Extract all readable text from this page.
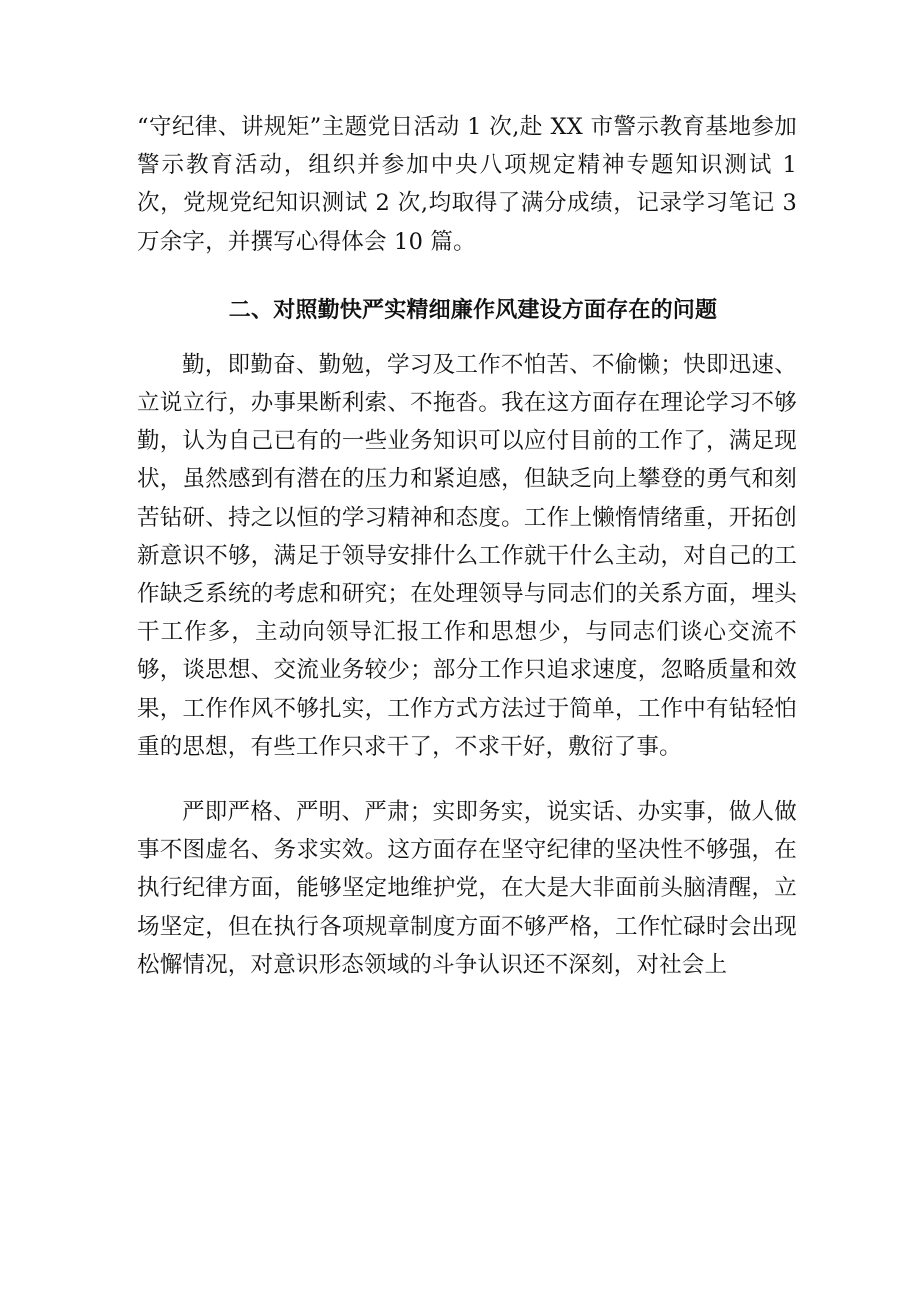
“守纪律、讲规矩”主题党日活动 1 次,赴 XX 市警示教育基地参加警示教育活动，组织并参加中央八项规定精神专题知识测试 1 次，党规党纪知识测试 2 次,均取得了满分成绩，记录学习笔记 3 万余字，并撰写心得体会 10 篇。

二、对照勤快严实精细廉作风建设方面存在的问题

勤，即勤奋、勤勉，学习及工作不怕苦、不偷懒；快即迅速、立说立行，办事果断利索、不拖沓。我在这方面存在理论学习不够勤，认为自己已有的一些业务知识可以应付目前的工作了，满足现状，虽然感到有潜在的压力和紧迫感，但缺乏向上攀登的勇气和刻苦钻研、持之以恒的学习精神和态度。工作上懒惰情绪重，开拓创新意识不够，满足于领导安排什么工作就干什么主动，对自己的工作缺乏系统的考虑和研究；在处理领导与同志们的关系方面，埋头干工作多，主动向领导汇报工作和思想少，与同志们谈心交流不够，谈思想、交流业务较少；部分工作只追求速度，忽略质量和效果，工作作风不够扎实，工作方式方法过于简单，工作中有钻轻怕重的思想，有些工作只求干了，不求干好，敷衍了事。

严即严格、严明、严肃；实即务实，说实话、办实事，做人做事不图虚名、务求实效。这方面存在坚守纪律的坚决性不够强，在执行纪律方面，能够坚定地维护党，在大是大非面前头脑清醒，立场坚定，但在执行各项规章制度方面不够严格，工作忙碌时会出现松懈情况，对意识形态领域的斗争认识还不深刻，对社会上
